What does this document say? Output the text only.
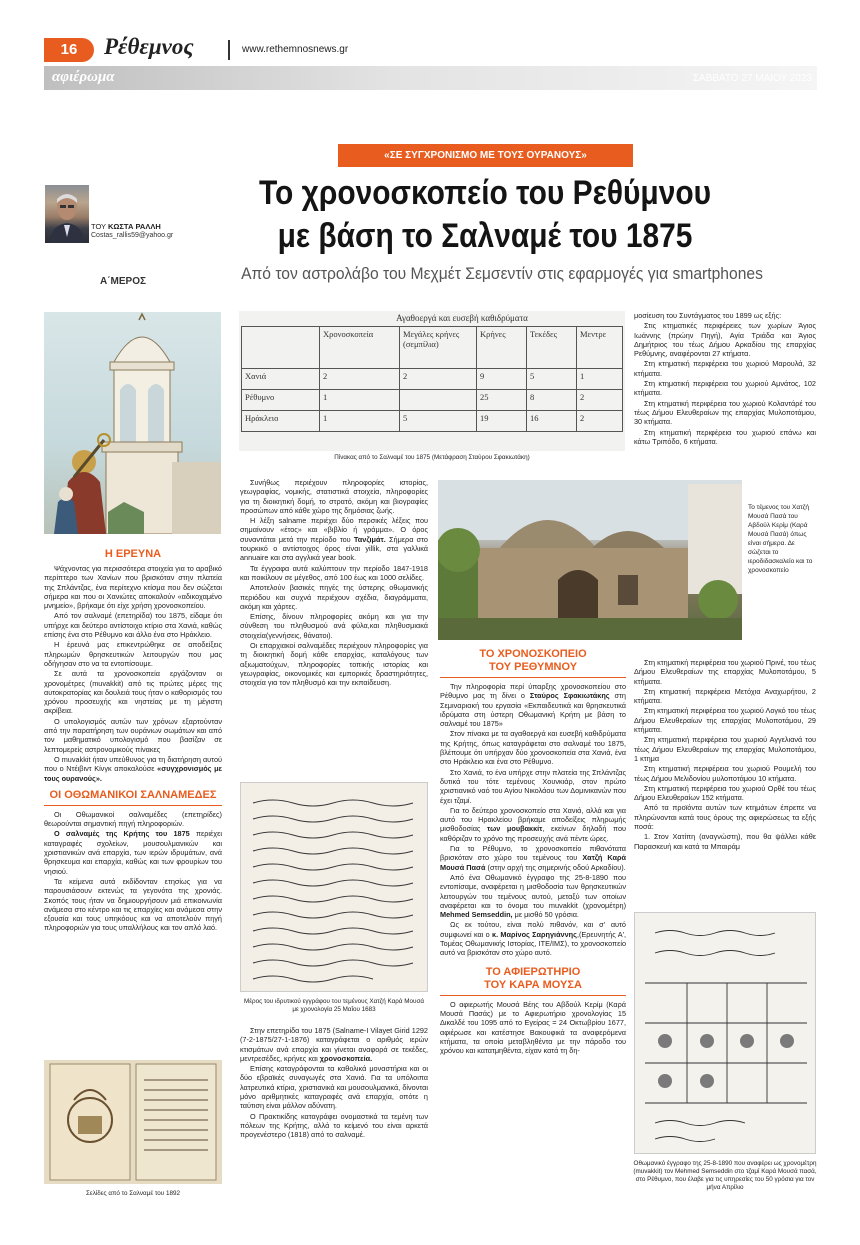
16	Ρέθεμνος	www.rethemnosnews.gr
αφιέρωμα	ΣΑΒΒΑΤΟ 27 ΜΑΙΟΥ 2023
«ΣΕ ΣΥΓΧΡΟΝΙΣΜΟ ΜΕ ΤΟΥΣ ΟΥΡΑΝΟΥΣ»
ΤΟΥ ΚΩΣΤΑ ΡΑΛΛΗ
Costas_rallis59@yahoo.gr
Το χρονοσκοπείο του Ρεθύμνου
με βάση το Σαλναμέ του 1875
Από τον αστρολάβο του Μεχμέτ Σεμσεντίν στις εφαρμογές για smartphones
Α΄ΜΕΡΟΣ
Η ΕΡΕΥΝΑ

Ψάχνοντας για περισσότερα στοιχεία για το αραβικό περίπτερο των Χανίων που βρισκόταν στην πλατεία της Σπλάντζας, ένα περίτεχνο κτίσμα που δεν σώζεται σήμερα και που οι Χανιώτες αποκαλούν «αδικοχαμένο μνημείο», βρήκαμε ότι είχε χρήση χρονοσκοπείου.

Από τον σαλναμέ (επετηρίδα) του 1875, είδαμε ότι υπήρχε και δεύτερο αντίστοιχο κτίριο στα Χανιά, καθώς επίσης ένα στο Ρέθυμνο και άλλο ένα στο Ηράκλειο.

Η έρευνά μας επικεντρώθηκε σε αποδείξεις πληρωμών θρησκευτικών λειτουργών που μας οδήγησαν στο να τα εντοπίσουμε.

Σε αυτά τα χρονοσκοπεία εργάζονταν οι χρονομέτρες (muvakkit) από τις πρώτες μέρες της αυτοκρατορίας και δουλειά τους ήταν ο καθορισμός του χρόνου προσευχής και νηστείας με τη μέγιστη ακρίβεια.

Ο υπολογισμός αυτών των χρόνων εξαρτούνταν από την παρατήρηση των ουράνιων σωμάτων και από τον μαθηματικό υπολογισμό που βασίζαν σε λεπτομερείς αστρονομικούς πίνακες

Ο muvakkit ήταν υπεύθυνος για τη διατήρηση αυτού που ο Ντέιβιντ Κίνγκ αποκαλούσε «συγχρονισμός με τους ουρανούς».

ΟΙ ΟΘΩΜΑΝΙΚΟΙ ΣΑΛΝΑΜΕΔΕΣ

Οι Οθωμανικοί σαλναμέδες (επετηρίδες) θεωρούνται σημαντική πηγή πληροφοριών.

Ο σαλναμές της Κρήτης του 1875 περιέχει καταγραφές σχολείων, μουσουλμανικών και χριστιανικών ανά επαρχία, των ιερών ιδρυμάτων, ανά θρησκευμα και επαρχία, καθώς και των φρουρίων του νησιού.

Τα κείμενα αυτά εκδίδονταν ετησίως για να παρουσιάσουν εκτενώς τα γεγονότα της χρονιάς. Σκοπός τους ήταν να δημιουργήσουν μιά επικοινωνία ανάμεσα στο κέντρο και τις επαρχίες και ανάμεσα στην εξουσία και τους υπηκόους και να αποτελούν πηγή πληροφοριών για τους υπαλλήλους και τον απλό λαό.

Σελίδες από το Σαλναμέ του 1892
Αγαθοεργά και ευσεβή καθιδρύματα
	Χρονοσκοπεία	Μεγάλες κρήνες (σεμπίλια)	Κρήνες	Τεκέδες	Μεντρε
Χανιά	2	2	9	5	1
Ρέθυμνο	1		25	8	2
Ηράκλειο	1	5	19	16	2
Πίνακας από το Σαλναμέ του 1875 (Μετάφραση Σταύρου Σφακιωτάκη)

Συνήθως περιέχουν πληροφορίες ιστορίας, γεωγραφίας, νομικής, στατιστικά στοιχεία, πληροφορίες για τη διοικητική δομή, το στρατό, ακόμη και βιογραφίες προσώπων από κάθε χώρο της δημόσιας ζωής.

Η λέξη salname περιέχει δύο περσικές λέξεις που σημαίνουν «έτος» και «βιβλίο ή γράμμα». Ο όρος συναντάται μετά την περίοδο του Τανζιμάτ. Σήμερα στο τουρκικό ο αντίστοιχος όρος είναι yillik, στα γαλλικά annuaire και στα αγγλικά year book.

Τα έγγραφα αυτά καλύπτουν την περίοδο 1847-1918 και ποικίλουν σε μέγεθος, από 100 έως και 1000 σελίδες.

Αποτελούν βασικές πηγές της ύστερης οθωμανικής περιόδου και συχνά περιέχουν σχέδια, διαγράμματα, ακόμη και χάρτες.

Επίσης, δίνουν πληροφορίες ακόμη και για την σύνθεση του πληθυσμού ανά φύλα,και πληθυσμιακά στοιχεία(γεννήσεις, θάνατοι).

Οι επαρχιακοί σαλναμέδες περιέχουν πληροφορίες για τη διοικητική δομή κάθε επαρχίας, καταλόγους των αξιωματούχων, πληροφορίες τοπικής ιστορίας και γεωγραφίας, οικονομικές και εμπορικές δραστηριότητες, στοιχεία για τον πληθυσμό και την εκπαίδευση.

Μέρος του ιδρυτικού εγγράφου του τεμένους Χατζή Καρά Μουσά με χρονολογία 25 Μαΐου 1683

Στην επετηρίδα του 1875 (Salname-I Vilayet Girid 1292 (7-2-1875/27-1-1876) καταγράφεται ο αριθμός ιερών κτισμάτων ανά επαρχία και γίνεται αναφορά σε τεκέδες, μεντρεσέδες, κρήνες και χρονοσκοπεία.

Επίσης καταγράφονται τα καθολικά μοναστήρια και οι δύο εβραϊκές συναγωγές στα Χανιά. Για τα υπόλοιπα λατρευτικά κτίρια, χριστιανικά και μουσουλμανικά, δίνονται μόνο αριθμητικές καταγραφές ανά επαρχία, οπότε η ταύτιση είναι μάλλον αδύνατη.

Ο Πρακτικίδης καταγράφει ονομαστικά τα τεμένη των πόλεων της Κρήτης, αλλά το κείμενό του είναι αρκετά προγενέστερο (1818) από το σαλναμέ.

Το τέμενος του Χατζή Μουσά Πασά του Αβδούλ Κερίμ (Καρά Μουσά Πασά) όπως είναι σήμερα. Δε σώζεται το ιεροδιδασκαλείο και το χρονοσκοπείο
ΤΟ ΧΡΟΝΟΣΚΟΠΕΙΟ
ΤΟΥ ΡΕΘΥΜΝΟΥ

Την πληροφορία περί ύπαρξης χρονοσκοπείου στο Ρέθυμνο μας τη δίνει ο Σταύρος Σφακιωτάκης στη Σεμιναριακή του εργασία «Εκπαιδευτικά και θρησκευτικά ιδρύματα στη ύστερη Οθωμανική Κρήτη με βάση το σαλναμέ του 1875»

Στον πίνακα με τα αγαθοεργά και ευσεβή καθιδρύματα της Κρήτης, όπως καταγράφεται στο σαλναμέ του 1875, βλέπουμε ότι υπήρχαν δύο χρονοσκοπεία στα Χανιά, ένα στο Ηράκλειο και ένα στο Ρέθυμνο.

Στο Χανιά, το ένα υπήρχε στην πλατεία της Σπλάντζας δυτικά του τότε τεμένους Χουνκιάρ, στον πρώτο χριστιανικό ναό του Αγίου Νικολάου των Δομινικανών που έχει τζαμί.

Για το δεύτερο χρονοσκοπείο στα Χανιά, αλλά και για αυτό του Ηρακλείου βρήκαμε αποδείξεις πληρωμής μισθοδοσίας των μουβακκίτ, εκείνων δηλαδή που καθόριζαν το χρόνο της προσευχής ανά πέντε ώρες.

Για το Ρέθυμνο, το χρονοσκοπείο πιθανότατα βρισκόταν στο χώρο του τεμένους του Χατζή Καρά Μουσά Πασά (στην αρχή της σημερινής οδού Αρκαδίου).

Από ένα Οθωμανικό έγγραφο της 25-8-1890 που εντοπίσαμε, αναφέρεται η μισθοδοσία των θρησκευτικών λειτουργών του τεμένους αυτού, μεταξύ των οποίων αναφέρεται και το όνομα του muvakkit (χρονομέτρη) Mehmed Semseddin, με μισθό 50 γρόσια.

Ως εκ τούτου, είναι πολύ πιθανόν, και σ' αυτό συμφωνεί και ο κ. Μαρίνος Σαρηγιάννης,(Ερευνητής Α', Τομέας Οθωμανικής Ιστορίας, ΙΤΕ/ΙΜΣ), το χρονοσκοπείο αυτό να βρισκόταν στο χώρο αυτό.

ΤΟ ΑΦΙΕΡΩΤΗΡΙΟ
ΤΟΥ ΚΑΡΑ ΜΟΥΣΑ

Ο αφιερωτής Μουσά Βέης του Αβδούλ Κερίμ (Καρά Μουσά Πασάς) με το Αφιερωτήριο χρονολογίας 15 Δικαλδέ του 1095 από το Εγείρας = 24 Οκτωβρίου 1677, αφιέρωσε και κατέστησε Βακουφικά τα αναφερόμενα κτήματα, τα οποία μεταβληθέντα με την πάροδο του χρόνου και κατατμηθέντα, είχαν κατά τη δη-

μοσίευση του Συντάγματος του 1899 ως εξής:

Στις κτηματικές περιφέρειες των χωρίων Άγιος Ιωάννης (πρώην Πηγή), Αγία Τριάδα και Άγιος Δημήτριος του τέως Δήμου Αρκαδίου της επαρχίας Ρεθύμνης, αναφέρονται 27 κτήματα.

Στη κτηματική περιφέρεια του χωριού Μαρουλά, 32 κτήματα.

Στη κτηματική περιφέρεια του χωριού Αμνάτος, 102 κτήματα.

Στη κτηματική περιφέρεια του χωριού Κολαντάρέ του τέως Δήμου Ελευθεραίων της επαρχίας Μυλοποτάμου, 30 κτήματα.

Στη κτηματική περιφέρεια του χωριού επάνω και κάτω Τριπόδο, 6 κτήματα.

Στη κτηματική περιφέρεια του χωριού Πρινέ, του τέως Δήμου Ελευθεραίων της επαρχίας Μυλοποτάμου, 5 κτήματα.

Στη κτηματική περιφέρεια Μετόχια Αναχωρήτου, 2 κτήματα.

Στη κτηματική περιφέρεια του χωριού Λογκό του τέως Δήμου Ελευθεραίων της επαρχίας Μυλοποτάμου, 29 κτήματα.

Στη κτηματική περιφέρεια του χωριού Αγγελιανά του τέως Δήμου Ελευθεραίων της επαρχίας Μυλοποτάμου, 1 κτημα

Στη κτηματική περιφέρεια του χωριού Ρουμελή του τέως Δήμου Μελιδονίου μυλοποτάμου 10 κτήματα.

Στη κτηματική περιφέρεια του χωριού Ορθέ του τέως Δήμου Ελευθεραίων 152 κτήματα.

Από τα προϊόντα αυτών των κτημάτων έπρεπε να πληρώνονται κατά τους όρους της αφιερώσεως τα εξής ποσά:

1. Στον Χατίπη (αναγνώστη), που θα ψάλλει κάθε Παρασκευή και κατά τα Μπαιράμ

Οθωμανικό έγγραφο της 25-8-1890 που αναφέρει ως χρονομέτρη (muvakkit) τον Mehmed Semseddin στο τζαμί Καρά Μουσά πασά, στο Ρέθυμνο, που έλαβε για τις υπηρεσίες του 50 γρόσια για τον μήνα Απρίλιο
